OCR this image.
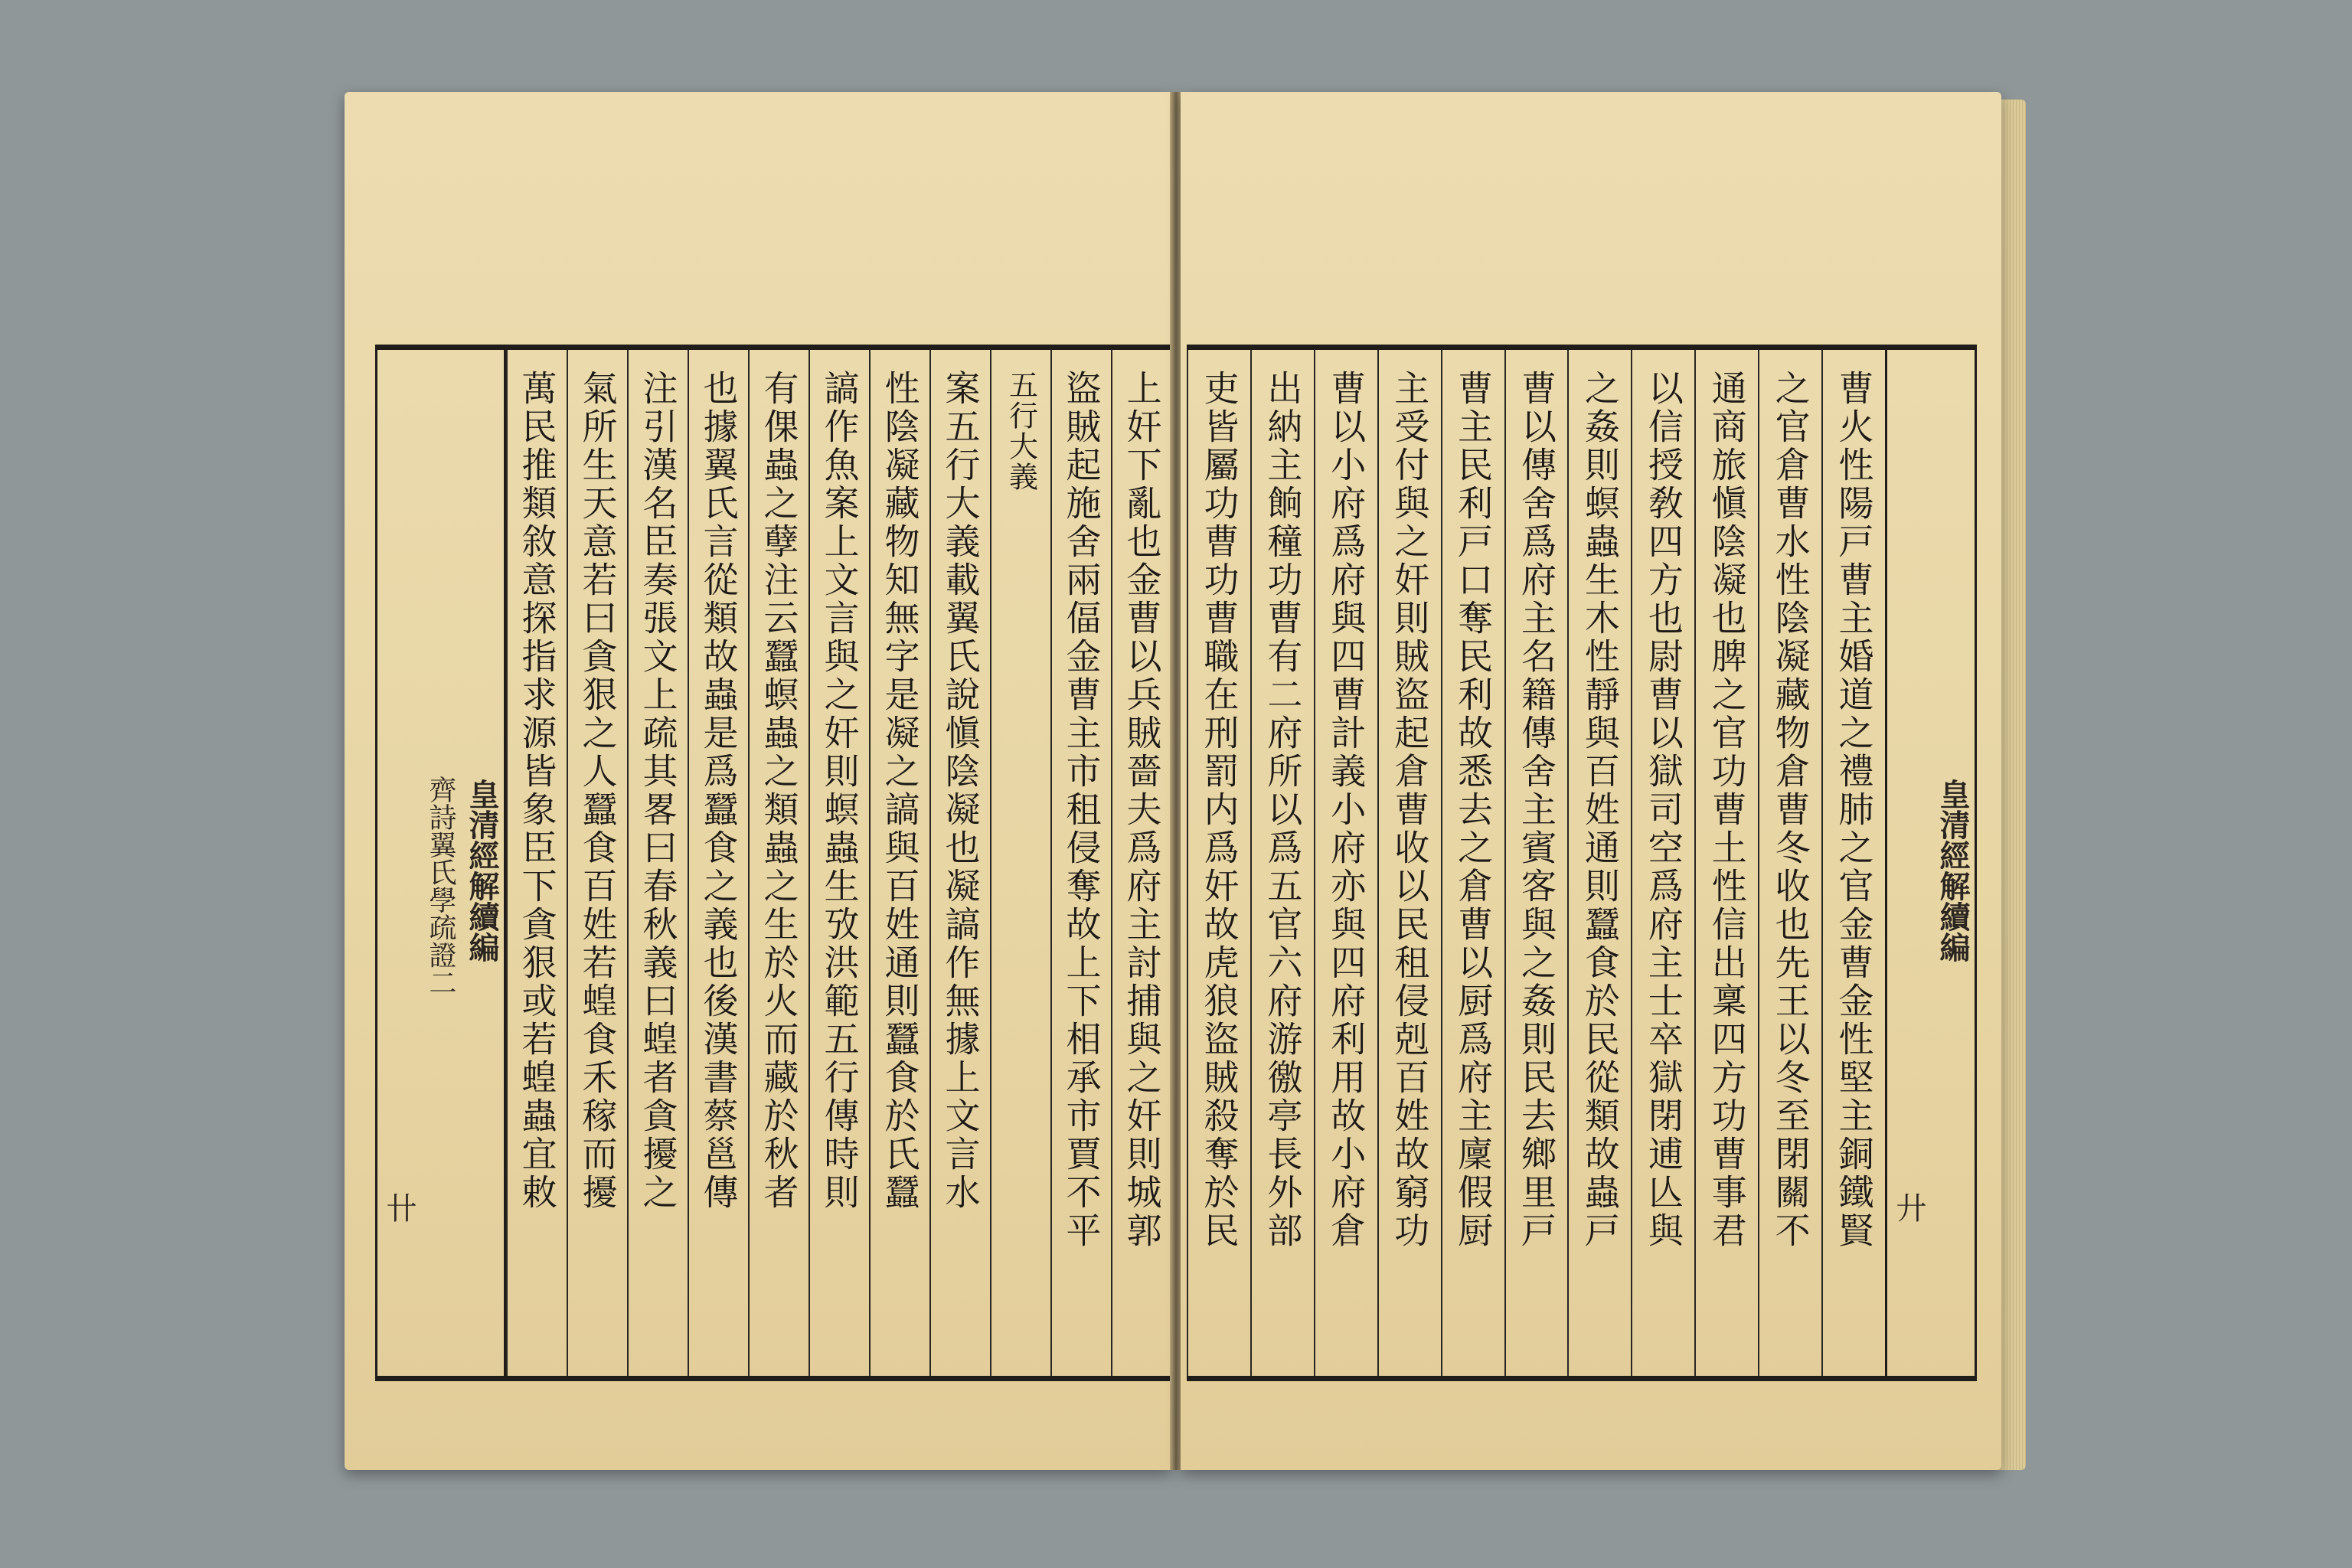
上奸下亂也金曹以兵賊嗇夫爲府主討捕與之奸則城郭
盜賊起施舍兩偪金曹主市租侵奪故上下相承市賈不平
五行大義
案五行大義載翼氏說愼陰凝也凝謞作無據上文言水
性陰凝藏物知無字是凝之謞與百姓通則蠶食於氏蠶
謞作魚案上文言與之奸則螟蟲生攷洪範五行傳時則
有倮蟲之孽注云蠶螟蟲之類蟲之生於火而藏於秋者
也據翼氏言從類故蟲是爲蠶食之義也後漢書蔡邕傳
注引漢名臣奏張文上疏其畧曰春秋義曰蝗者貪擾之
氣所生天意若曰貪狠之人蠶食百姓若蝗食禾稼而擾
萬民推類敘意探指求源皆象臣下貪狠或若蝗蟲宜敕
皇清經解續編
齊詩翼氏學疏證二
卄
皇清經解續編
廾
曹火性陽戸曹主婚道之禮肺之官金曹金性堅主銅鐵賢
之官倉曹水性陰凝藏物倉曹冬收也先王以冬至閉關不
通商旅愼陰凝也脾之官功曹土性信出稟四方功曹事君
以信授敎四方也尉曹以獄司空爲府主士卒獄閉逋亾與
之姦則螟蟲生木性靜與百姓通則蠶食於民從類故蟲戸
曹以傳舍爲府主名籍傳舍主賓客與之姦則民去鄉里戸
曹主民利戸口奪民利故悉去之倉曹以厨爲府主廩假厨
主受付與之奸則賊盜起倉曹收以民租侵剋百姓故窮功
曹以小府爲府與四曹計義小府亦與四府利用故小府倉
出納主餉穜功曹有二府所以爲五官六府游徼亭長外部
吏皆屬功曹功曹職在刑罰内爲奸故虎狼盜賊殺奪於民
